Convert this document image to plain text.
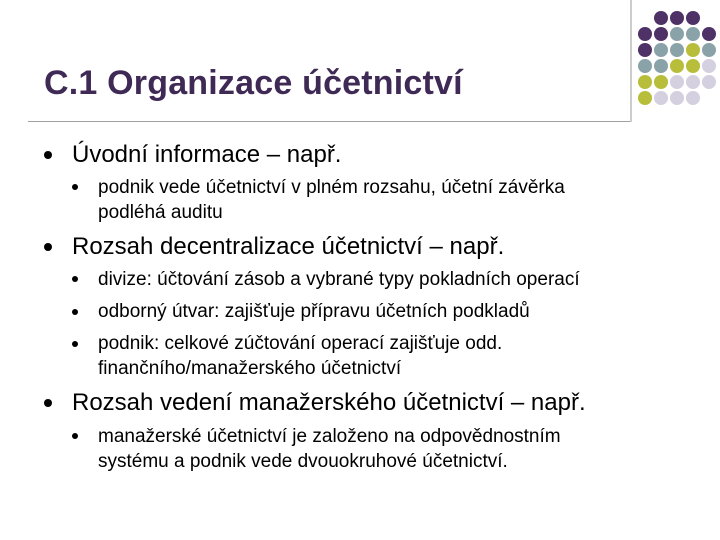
C.1 Organizace účetnictví
Úvodní informace – např.
podnik vede účetnictví v plném rozsahu, účetní závěrka
podléhá auditu
Rozsah decentralizace účetnictví – např.
divize: účtování zásob a vybrané typy pokladních operací
odborný útvar: zajišťuje přípravu účetních podkladů
podnik: celkové zúčtování operací zajišťuje odd.
finančního/manažerského účetnictví
Rozsah vedení manažerského účetnictví – např.
manažerské účetnictví je založeno na odpovědnostním
systému a podnik vede dvouokruhové účetnictví.
